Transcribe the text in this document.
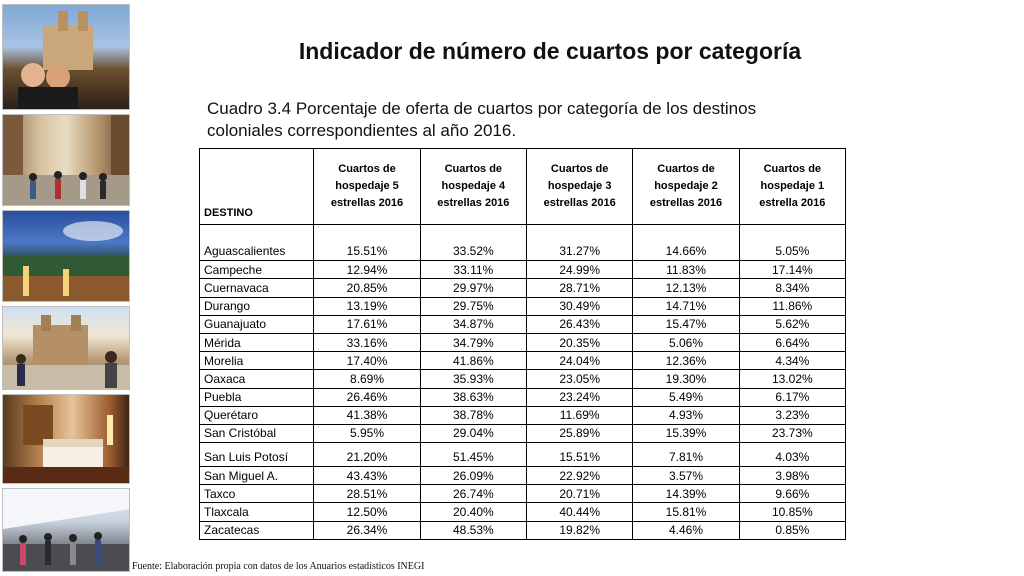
Indicador de número de cuartos por categoría

Cuadro 3.4 Porcentaje de oferta de cuartos por categoría de los destinos coloniales correspondientes al año 2016.

DESTINO	Cuartos de hospedaje 5 estrellas 2016	Cuartos de hospedaje 4 estrellas 2016	Cuartos de hospedaje 3 estrellas 2016	Cuartos de hospedaje 2 estrellas 2016	Cuartos de hospedaje 1 estrella 2016

Aguascalientes	15.51%	33.52%	31.27%	14.66%	5.05%
Campeche	12.94%	33.11%	24.99%	11.83%	17.14%
Cuernavaca	20.85%	29.97%	28.71%	12.13%	8.34%
Durango	13.19%	29.75%	30.49%	14.71%	11.86%
Guanajuato	17.61%	34.87%	26.43%	15.47%	5.62%
Mérida	33.16%	34.79%	20.35%	5.06%	6.64%
Morelia	17.40%	41.86%	24.04%	12.36%	4.34%
Oaxaca	8.69%	35.93%	23.05%	19.30%	13.02%
Puebla	26.46%	38.63%	23.24%	5.49%	6.17%
Querétaro	41.38%	38.78%	11.69%	4.93%	3.23%
San Cristóbal	5.95%	29.04%	25.89%	15.39%	23.73%
San Luis Potosí	21.20%	51.45%	15.51%	7.81%	4.03%
San Miguel A.	43.43%	26.09%	22.92%	3.57%	3.98%
Taxco	28.51%	26.74%	20.71%	14.39%	9.66%
Tlaxcala	12.50%	20.40%	40.44%	15.81%	10.85%
Zacatecas	26.34%	48.53%	19.82%	4.46%	0.85%
Fuente: Elaboración propia con datos de los Anuarios estadísticos INEGI
